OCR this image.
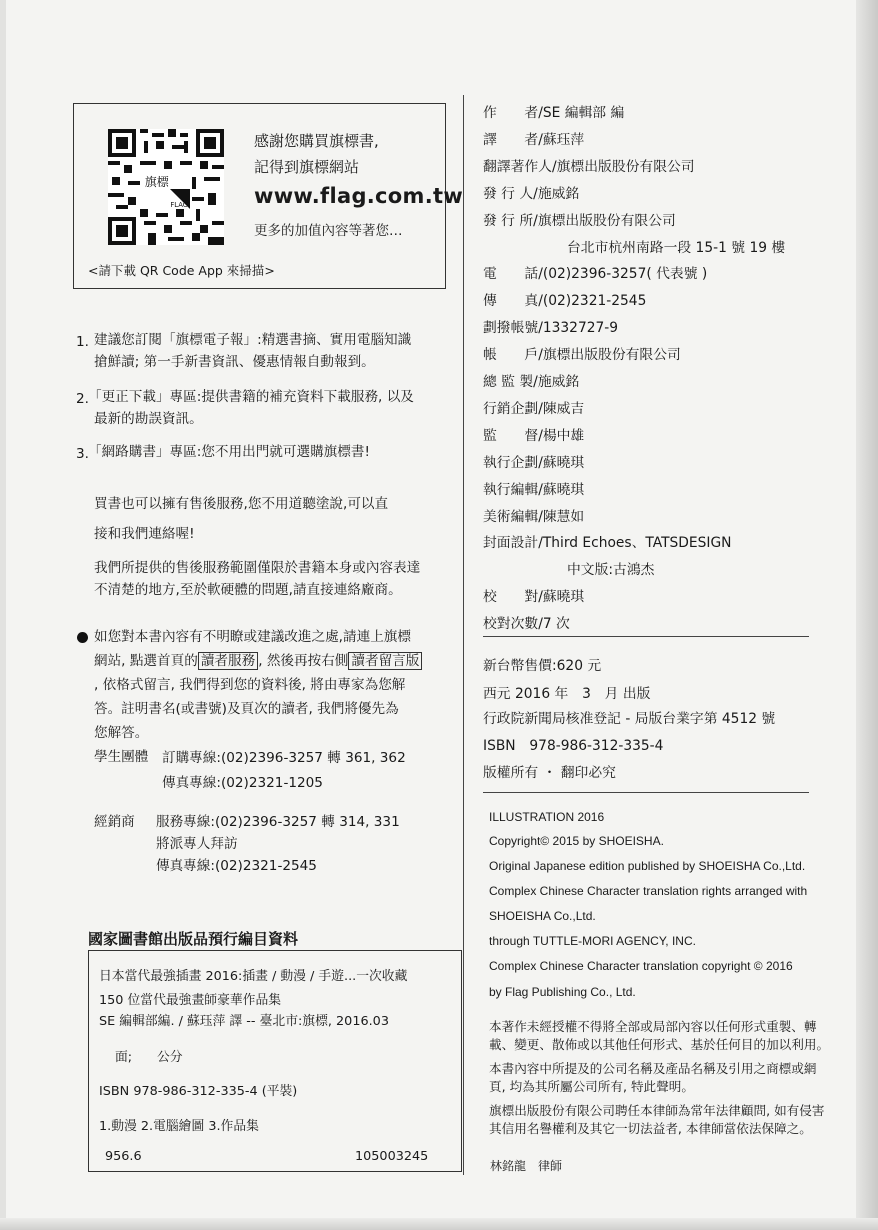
旗標
FLAG
感謝您購買旗標書,
記得到旗標網站
www.flag.com.tw
更多的加值內容等著您…
<請下載 QR Code App 來掃描>
1. 建議您訂閱「旗標電子報」:精選書摘、實用電腦知識
搶鮮讀; 第一手新書資訊、優惠情報自動報到。
2. 「更正下載」專區:提供書籍的補充資料下載服務, 以及
最新的勘誤資訊。
3. 「網路購書」專區:您不用出門就可選購旗標書!
買書也可以擁有售後服務,您不用道聽塗說,可以直
接和我們連絡喔!
我們所提供的售後服務範圍僅限於書籍本身或內容表達
不清楚的地方,至於軟硬體的問題,請直接連絡廠商。
如您對本書內容有不明瞭或建議改進之處,請連上旗標
網站, 點選首頁的 讀者服務 , 然後再按右側 讀者留言版
, 依格式留言, 我們得到您的資料後, 將由專家為您解
答。註明書名(或書號)及頁次的讀者, 我們將優先為
您解答。
學生團體 訂購專線:(02)2396-3257 轉 361, 362
傳真專線:(02)2321-1205
經銷商 服務專線:(02)2396-3257 轉 314, 331
將派專人拜訪
傳真專線:(02)2321-2545
國家圖書館出版品預行編目資料
日本當代最強插畫 2016:插畫 / 動漫 / 手遊...一次收藏
150 位當代最強畫師豪華作品集
SE 編輯部編. / 蘇珏萍 譯 -- 臺北市:旗標, 2016.03
面; 公分
ISBN 978-986-312-335-4 (平裝)
1.動漫 2.電腦繪圖 3.作品集
956.6	105003245
作　　者/SE 編輯部 編
譯　　者/蘇珏萍
翻譯著作人/旗標出版股份有限公司
發 行 人/施威銘
發 行 所/旗標出版股份有限公司
台北市杭州南路一段 15-1 號 19 樓
電　　話/(02)2396-3257( 代表號 )
傳　　真/(02)2321-2545
劃撥帳號/1332727-9
帳　　戶/旗標出版股份有限公司
總 監 製/施威銘
行銷企劃/陳威吉
監　　督/楊中雄
執行企劃/蘇曉琪
執行編輯/蘇曉琪
美術編輯/陳慧如
封面設計/Third Echoes、TATSDESIGN
中文版:古鴻杰
校　　對/蘇曉琪
校對次數/7 次
新台幣售價:620 元
西元 2016 年　3　月 出版
行政院新聞局核准登記 - 局版台業字第 4512 號
ISBN　978-986-312-335-4
版權所有 ・ 翻印必究
ILLUSTRATION 2016
Copyright© 2015 by SHOEISHA.
Original Japanese edition published by SHOEISHA Co.,Ltd.
Complex Chinese Character translation rights arranged with
SHOEISHA Co.,Ltd.
through TUTTLE-MORI AGENCY, INC.
Complex Chinese Character translation copyright © 2016
by Flag Publishing Co., Ltd.
本著作未經授權不得將全部或局部內容以任何形式重製、轉
載、變更、散佈或以其他任何形式、基於任何目的加以利用。
本書內容中所提及的公司名稱及產品名稱及引用之商標或網
頁, 均為其所屬公司所有, 特此聲明。
旗標出版股份有限公司聘任本律師為常年法律顧問, 如有侵害
其信用名譽權利及其它一切法益者, 本律師當依法保障之。
林銘龍　律師
